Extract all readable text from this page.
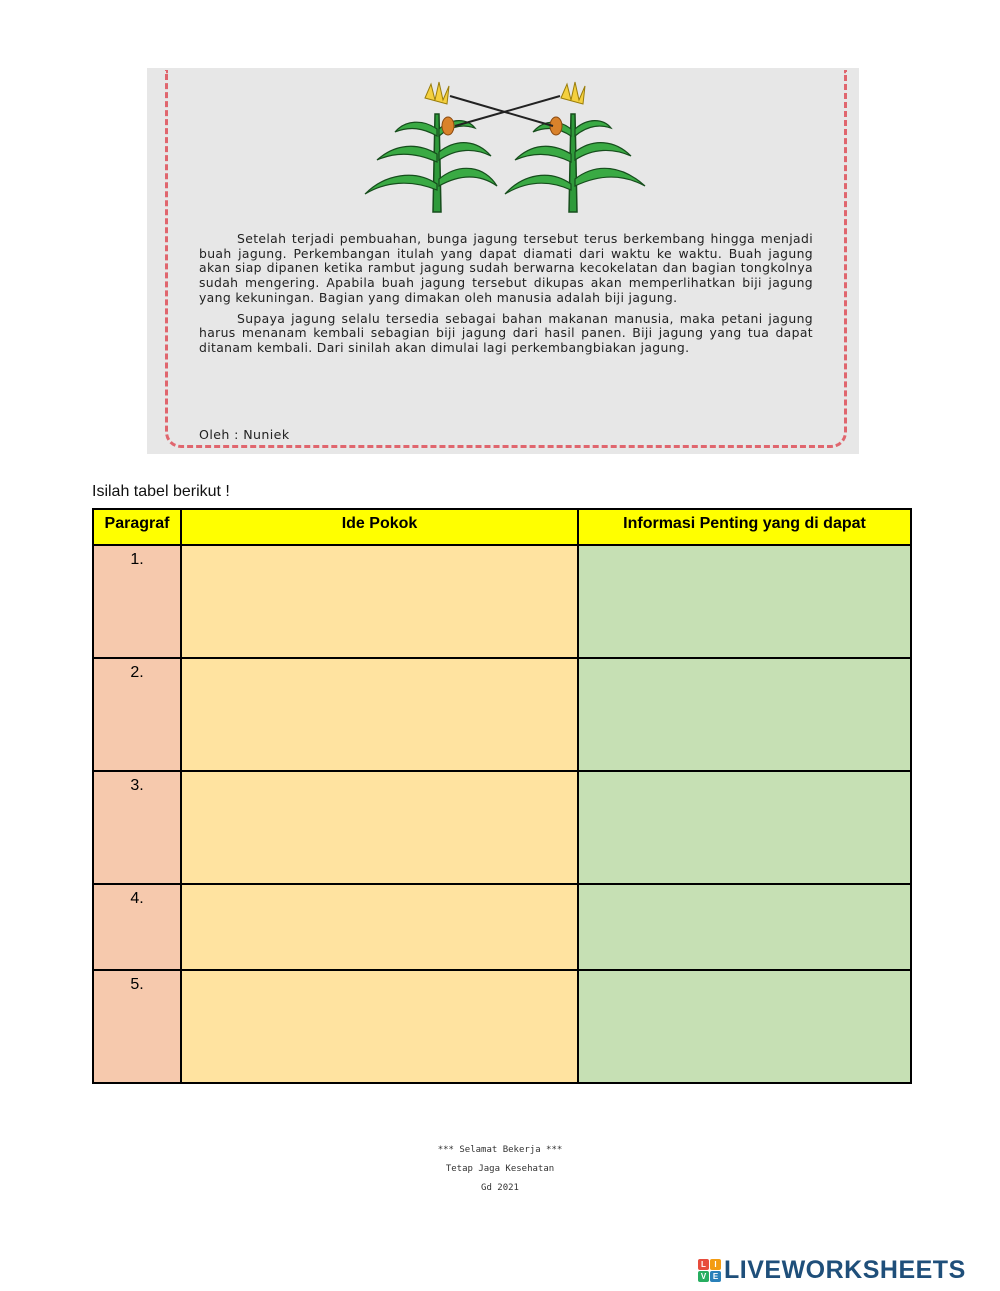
Setelah terjadi pembuahan, bunga jagung tersebut terus berkembang hingga menjadi buah jagung. Perkembangan itulah yang dapat diamati dari waktu ke waktu. Buah jagung akan siap dipanen ketika rambut jagung sudah berwarna kecokelatan dan bagian tongkolnya sudah mengering. Apabila buah jagung tersebut dikupas akan memperlihatkan biji jagung yang kekuningan. Bagian yang dimakan oleh manusia adalah biji jagung.

Supaya jagung selalu tersedia sebagai bahan makanan manusia, maka petani jagung harus menanam kembali sebagian biji jagung dari hasil panen. Biji jagung yang tua dapat ditanam kembali. Dari sinilah akan dimulai lagi perkembangbiakan jagung.

Oleh : Nuniek
Isilah tabel berikut !
Paragraf	Ide Pokok	Informasi Penting yang di dapat
1.		
2.		
3.		
4.		
5.		
*** Selamat Bekerja ***
Tetap Jaga Kesehatan
Gd 2021
L	I
V E LIVEWORKSHEETS
